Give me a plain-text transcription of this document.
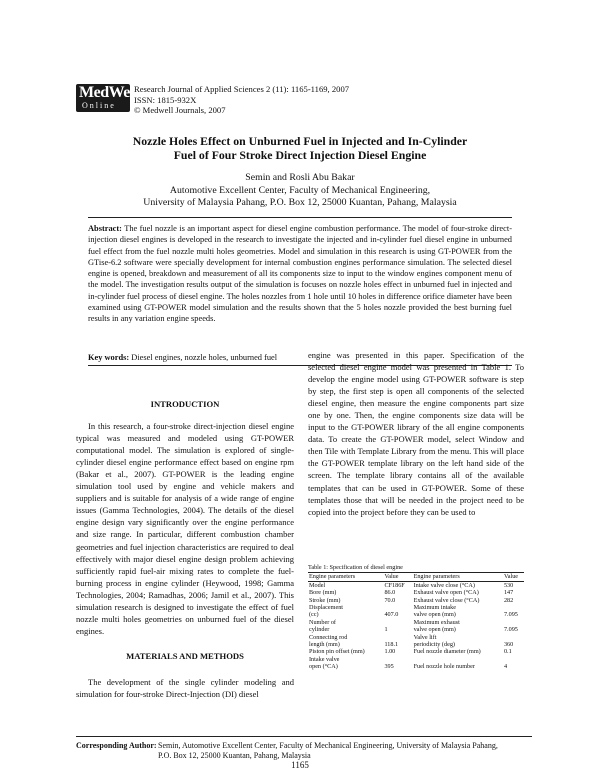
MedWell
Online
Research Journal of Applied Sciences 2 (11): 1165-1169, 2007
ISSN: 1815-932X
© Medwell Journals, 2007
Nozzle Holes Effect on Unburned Fuel in Injected and In-Cylinder
Fuel of Four Stroke Direct Injection Diesel Engine
Semin and Rosli Abu Bakar
Automotive Excellent Center, Faculty of Mechanical Engineering,
University of Malaysia Pahang, P.O. Box 12, 25000 Kuantan, Pahang, Malaysia
Abstract: The fuel nozzle is an important aspect for diesel engine combustion performance. The model of four-stroke direct-injection diesel engines is developed in the research to investigate the injected and in-cylinder fuel diesel engine in unburned fuel effect from the fuel nozzle multi holes geometries. Model and simulation in this research is using GT-POWER from the GTise-6.2 software were specially development for internal combustion engines performance simulation. The selected diesel engine is opened, breakdown and measurement of all its components size to input to the window engines component menu of the model. The investigation results output of the simulation is focuses on nozzle holes effect in unburned fuel in injected and in-cylinder fuel process of diesel engine. The holes nozzles from 1 hole until 10 holes in difference orifice diameter have been examined using GT-POWER model simulation and the results shown that the 5 holes nozzle provided the best burning fuel results in any variation engine speeds.
Key words: Diesel engines, nozzle holes, unburned fuel

INTRODUCTION

In this research, a four-stroke direct-injection diesel engine typical was measured and modeled using GT-POWER computational model. The simulation is explored of single-cylinder diesel engine performance effect based on engine rpm (Bakar et al., 2007). GT-POWER is the leading engine simulation tool used by engine and vehicle makers and suppliers and is suitable for analysis of a wide range of engine issues (Gamma Technologies, 2004). The details of the diesel engine design vary significantly over the engine performance and size range. In particular, different combustion chamber geometries and fuel injection characteristics are required to deal effectively with major diesel engine design problem achieving sufficiently rapid fuel-air mixing rates to complete the fuel-burning process in engine cylinder (Heywood, 1998; Gamma Technologies, 2004; Ramadhas, 2006; Jamil et al., 2007). This simulation research is designed to investigate the effect of fuel nozzle multi holes geometries on unburned fuel of the diesel engines.

MATERIALS AND METHODS

The development of the single cylinder modeling and simulation for four-stroke Direct-Injection (DI) diesel

engine was presented in this paper. Specification of the selected diesel engine model was presented in Table 1. To develop the engine model using GT-POWER software is step by step, the first step is open all components of the selected diesel engine, then measure the engine components part size one by one. Then, the engine components size data will be input to the GT-POWER library of the all engine components data. To create the GT-POWER model, select Window and then Tile with Template Library from the menu. This will place the GT-POWER template library on the left hand side of the screen. The template library contains all of the available templates that can be used in GT-POWER. Some of these templates those that will be needed in the project need to be copied into the project before they can be used to

Table 1: Specification of diesel engine
Engine parameters	Value	Engine parameters	Value
Model	CF186F	Intake valve close (°CA)	530
Bore (mm)	86.0	Exhaust valve open (°CA)	147
Stroke (mm)	70.0	Exhaust valve close (°CA)	282
Displacement		Maximum intake	
(cc)	407.0	valve open (mm)	7.095
Number of		Maximum exhaust	
cylinder	1	valve open (mm)	7.095
Connecting rod		Valve lift	
length (mm)	118.1	periodicity (deg)	360
Piston pin offset (mm)	1.00	Fuel nozzle diameter (mm)	0.1
Intake valve			
open (°CA)	395	Fuel nozzle hole number	4
Corresponding Author: Semin, Automotive Excellent Center, Faculty of Mechanical Engineering, University of Malaysia Pahang,
P.O. Box 12, 25000 Kuantan, Pahang, Malaysia
1165
